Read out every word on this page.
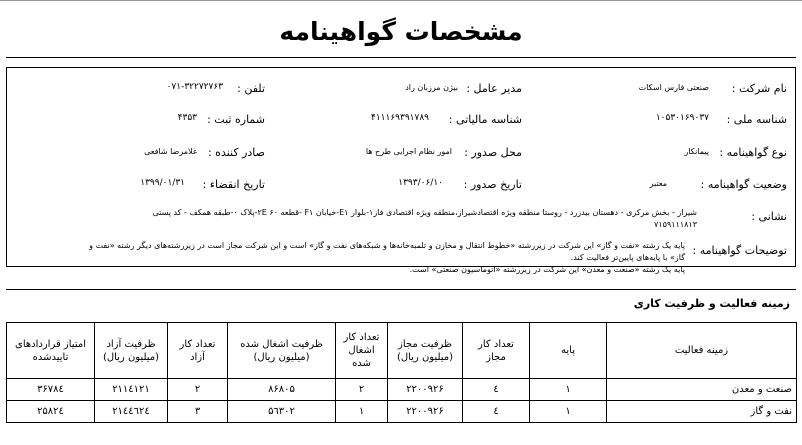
مشخصات گواهینامه
نام شرکت :
صنعتی فارس اسکات
مدیر عامل :
بیژن مرزبان راد
تلفن :
۰۷۱-۳۲۲۷۲۷۶۳
شناسه ملی :
۱۰۵۳۰۱۶۹۰۳۷
شناسه مالیاتی :
۴۱۱۱۶۹۳۹۱۷۸۹
شماره ثبت :
۴۳۵۳
نوع گواهینامه :
پیمانکار
محل صدور :
امور نظام اجرایی طرح ها
صادر کننده :
غلامرضا شافعی
وضعیت گواهینامه :
معتبر
تاریخ صدور :
۱۳۹۳/۰۶/۱۰
تاریخ انقضاء :
۱۳۹۹/۰۱/۳۱
نشانی :
شیراز - بخش مرکزی - دهستان بیدزرد - روستا منطقه ویژه اقتصادشیراز،منطقه ویژه اقتصادی فاز۱-بلوار E۱-خیابان F۱ -قطعه ۶۰ ۲E-پلاک ۰-طبقه همکف - کد پستی ۷۱۵۹۱۱۱۸۱۳
توضیحات گواهینامه :
پایه یک رشته «نفت و گاز» این شرکت در زیررشته «خطوط انتقال و مخازن و تلمبه‌خانه‌ها و شبکه‌های نفت و گاز» است و این شرکت مجاز است در زیررشته‌های دیگر رشته «نفت و گاز» با پایه‌های پایین‌تر فعالیت کند.
پایه یک رشته «صنعت و معدن» این شرکت در زیررشته «اتوماسیون صنعتی» است.
زمینه فعالیت و ظرفیت کاری
زمینه فعالیت	پایه	تعداد کار مجاز	ظرفیت مجاز (میلیون ریال)	تعداد کار اشغال شده	ظرفیت اشغال شده (میلیون ریال)	تعداد کار آزاد	ظرفیت آزاد (میلیون ریال)	امتیاز قراردادهای تاییدشده
صنعت و معدن	۱	٤	۲۲۰۰۹۲۶	۲	۸۶۸۰۵	۲	۲۱۱٤۱۲۱	۳۶۷۸٤
نفت و گاز	۱	٤	۲۲۰۰۹۲۶	۱	۵٦۳۰۲	۳	۲۱٤٤٦۲٤	۲۵۸۲٤
